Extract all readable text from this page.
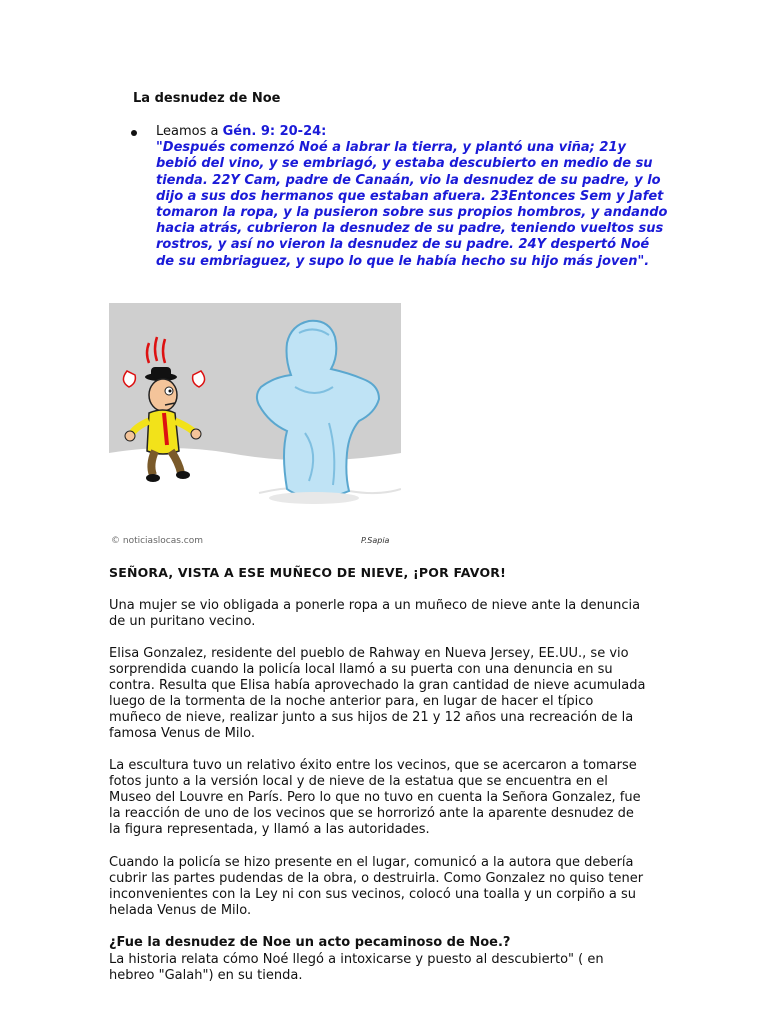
La desnudez de Noe
Leamos a Gén. 9: 20-24:
"Después comenzó Noé a labrar la tierra, y plantó una viña; 21y bebió del vino, y se embriagó, y estaba descubierto en medio de su tienda. 22Y Cam, padre de Canaán, vio la desnudez de su padre, y lo dijo a sus dos hermanos que estaban afuera. 23Entonces Sem y Jafet tomaron la ropa, y la pusieron sobre sus propios hombros, y andando hacia atrás, cubrieron la desnudez de su padre, teniendo vueltos sus rostros, y así no vieron la desnudez de su padre. 24Y despertó Noé de su embriaguez, y supo lo que le había hecho su hijo más joven".
© noticiaslocas.com	P.Sapia
SEÑORA, VISTA A ESE MUÑECO DE NIEVE, ¡POR FAVOR!

Una mujer se vio obligada a ponerle ropa a un muñeco de nieve ante la denuncia de un puritano vecino.

Elisa Gonzalez, residente del pueblo de Rahway en Nueva Jersey, EE.UU., se vio sorprendida cuando la policía local llamó a su puerta con una denuncia en su contra. Resulta que Elisa había aprovechado la gran cantidad de nieve acumulada luego de la tormenta de la noche anterior para, en lugar de hacer el típico muñeco de nieve, realizar junto a sus hijos de 21 y 12 años una recreación de la famosa Venus de Milo.

La escultura tuvo un relativo éxito entre los vecinos, que se acercaron a tomarse fotos junto a la versión local y de nieve de la estatua que se encuentra en el Museo del Louvre en París. Pero lo que no tuvo en cuenta la Señora Gonzalez, fue la reacción de uno de los vecinos que se horrorizó ante la aparente desnudez de la figura representada, y llamó a las autoridades.

Cuando la policía se hizo presente en el lugar, comunicó a la autora que debería cubrir las partes pudendas de la obra, o destruirla. Como Gonzalez no quiso tener inconvenientes con la Ley ni con sus vecinos, colocó una toalla y un corpiño a su helada Venus de Milo.

¿Fue la desnudez de Noe un acto pecaminoso de Noe.?

La historia relata cómo Noé llegó a intoxicarse y puesto al descubierto" ( en hebreo "Galah") en su tienda.
